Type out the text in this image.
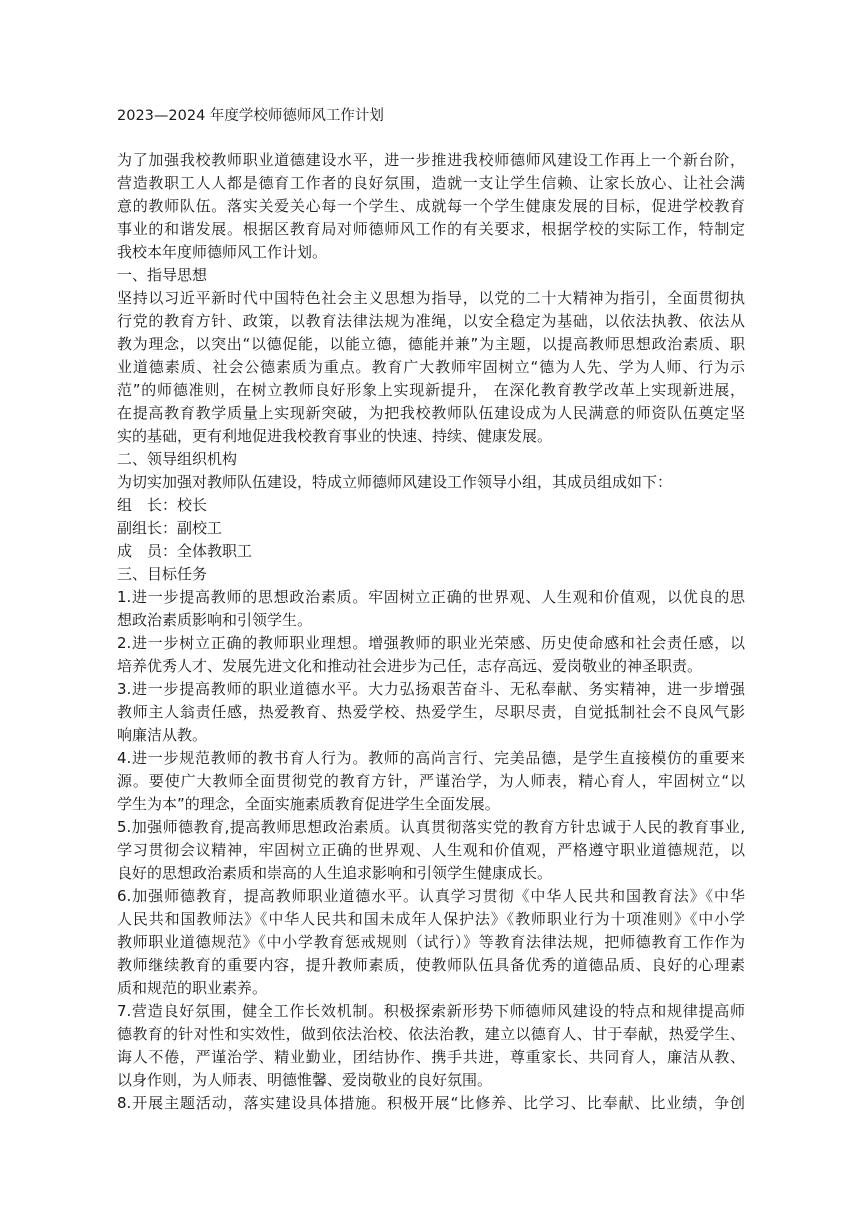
2023—2024 年度学校师德师风工作计划
为了加强我校教师职业道德建设水平，进一步推进我校师德师风建设工作再上一个新台阶，
营造教职工人人都是德育工作者的良好氛围，造就一支让学生信赖、让家长放心、让社会满
意的教师队伍。落实关爱关心每一个学生、成就每一个学生健康发展的目标，促进学校教育
事业的和谐发展。根据区教育局对师德师风工作的有关要求，根据学校的实际工作，特制定
我校本年度师德师风工作计划。
一、指导思想
坚持以习近平新时代中国特色社会主义思想为指导，以党的二十大精神为指引，全面贯彻执
行党的教育方针、政策，以教育法律法规为准绳，以安全稳定为基础，以依法执教、依法从
教为理念，以突出“以德促能，以能立德，德能并兼”为主题，以提高教师思想政治素质、职
业道德素质、社会公德素质为重点。教育广大教师牢固树立“德为人先、学为人师、行为示
范”的师德准则，在树立教师良好形象上实现新提升， 在深化教育教学改革上实现新进展，
在提高教育教学质量上实现新突破，为把我校教师队伍建设成为人民满意的师资队伍奠定坚
实的基础，更有利地促进我校教育事业的快速、持续、健康发展。
二、领导组织机构
为切实加强对教师队伍建设，特成立师德师风建设工作领导小组，其成员组成如下：
组　长：校长
副组长：副校工
成　员：全体教职工
三、目标任务
1.进一步提高教师的思想政治素质。牢固树立正确的世界观、人生观和价值观，以优良的思
想政治素质影响和引领学生。
2.进一步树立正确的教师职业理想。增强教师的职业光荣感、历史使命感和社会责任感，以
培养优秀人才、发展先进文化和推动社会进步为己任，志存高远、爱岗敬业的神圣职责。
3.进一步提高教师的职业道德水平。大力弘扬艰苦奋斗、无私奉献、务实精神，进一步增强
教师主人翁责任感，热爱教育、热爱学校、热爱学生，尽职尽责，自觉抵制社会不良风气影
响廉洁从教。
4.进一步规范教师的教书育人行为。教师的高尚言行、完美品德，是学生直接模仿的重要来
源。要使广大教师全面贯彻党的教育方针，严谨治学，为人师表，精心育人，牢固树立“以
学生为本”的理念，全面实施素质教育促进学生全面发展。
5.加强师德教育,提高教师思想政治素质。认真贯彻落实党的教育方针忠诚于人民的教育事业,
学习贯彻会议精神，牢固树立正确的世界观、人生观和价值观，严格遵守职业道德规范，以
良好的思想政治素质和崇高的人生追求影响和引领学生健康成长。
6.加强师德教育，提高教师职业道德水平。认真学习贯彻《中华人民共和国教育法》《中华
人民共和国教师法》《中华人民共和国未成年人保护法》《教师职业行为十项准则》《中小学
教师职业道德规范》《中小学教育惩戒规则（试行）》等教育法律法规，把师德教育工作作为
教师继续教育的重要内容，提升教师素质，使教师队伍具备优秀的道德品质、良好的心理素
质和规范的职业素养。
7.营造良好氛围，健全工作长效机制。积极探索新形势下师德师风建设的特点和规律提高师
德教育的针对性和实效性，做到依法治校、依法治教，建立以德育人、甘于奉献，热爱学生、
诲人不倦，严谨治学、精业勤业，团结协作、携手共进，尊重家长、共同育人，廉洁从教、
以身作则，为人师表、明德惟馨、爱岗敬业的良好氛围。
8.开展主题活动，落实建设具体措施。积极开展“比修养、比学习、比奉献、比业绩，争创
